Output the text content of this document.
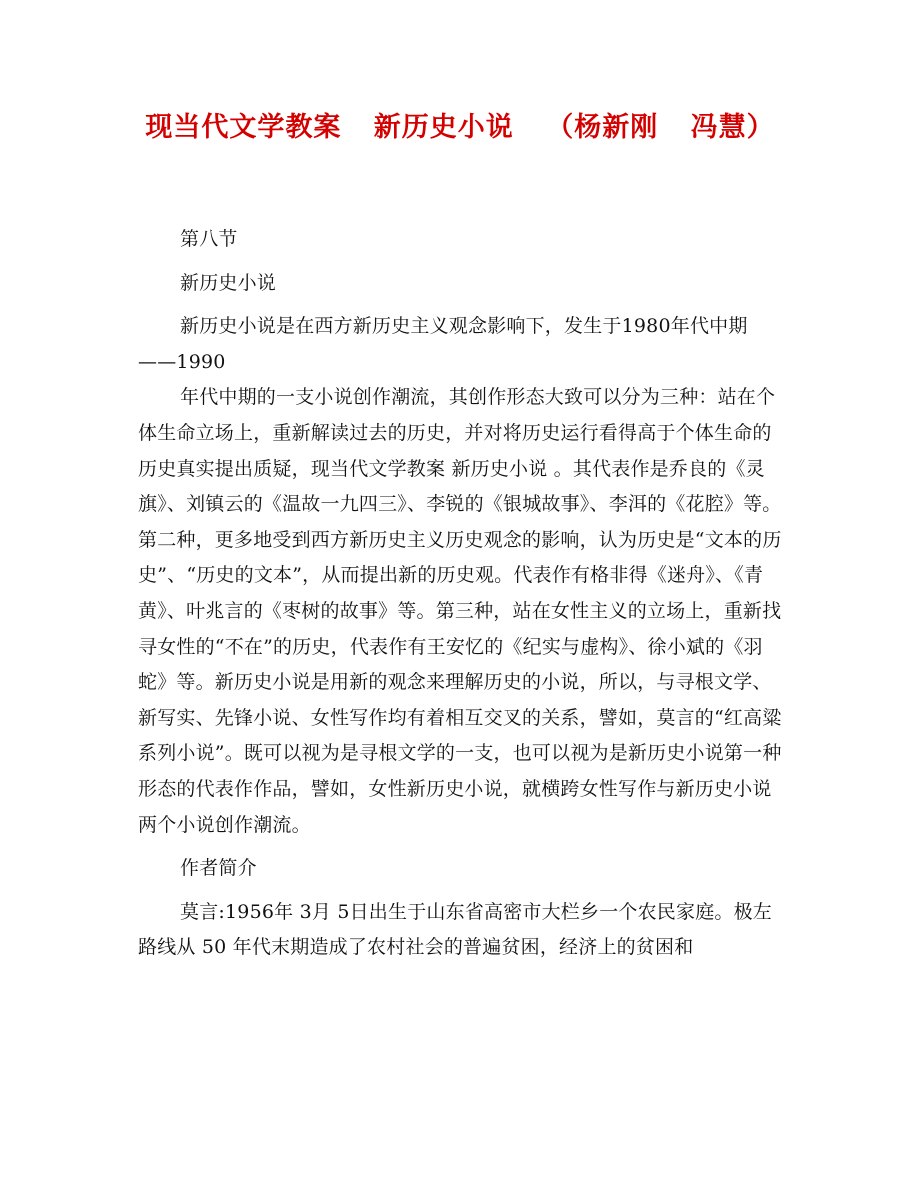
现当代文学教案 新历史小说 （杨新刚 冯慧）

第八节

新历史小说

新历史小说是在西方新历史主义观念影响下，发生于1980年代中期——1990

年代中期的一支小说创作潮流，其创作形态大致可以分为三种：站在个体生命立场上，重新解读过去的历史，并对将历史运行看得高于个体生命的历史真实提出质疑，现当代文学教案 新历史小说 。其代表作是乔良的《灵旗》、刘镇云的《温故一九四三》、李锐的《银城故事》、李洱的《花腔》等。第二种，更多地受到西方新历史主义历史观念的影响，认为历史是“文本的历史”、“历史的文本”，从而提出新的历史观。代表作有格非得《迷舟》、《青黄》、叶兆言的《枣树的故事》等。第三种，站在女性主义的立场上，重新找寻女性的“不在”的历史，代表作有王安忆的《纪实与虚构》、徐小斌的《羽蛇》等。新历史小说是用新的观念来理解历史的小说，所以，与寻根文学、新写实、先锋小说、女性写作均有着相互交叉的关系，譬如，莫言的“红高粱系列小说”。既可以视为是寻根文学的一支，也可以视为是新历史小说第一种形态的代表作作品，譬如，女性新历史小说，就横跨女性写作与新历史小说两个小说创作潮流。

作者简介

莫言:1956年 3月 5日出生于山东省高密市大栏乡一个农民家庭。极左路线从 50 年代末期造成了农村社会的普遍贫困，经济上的贫困和
